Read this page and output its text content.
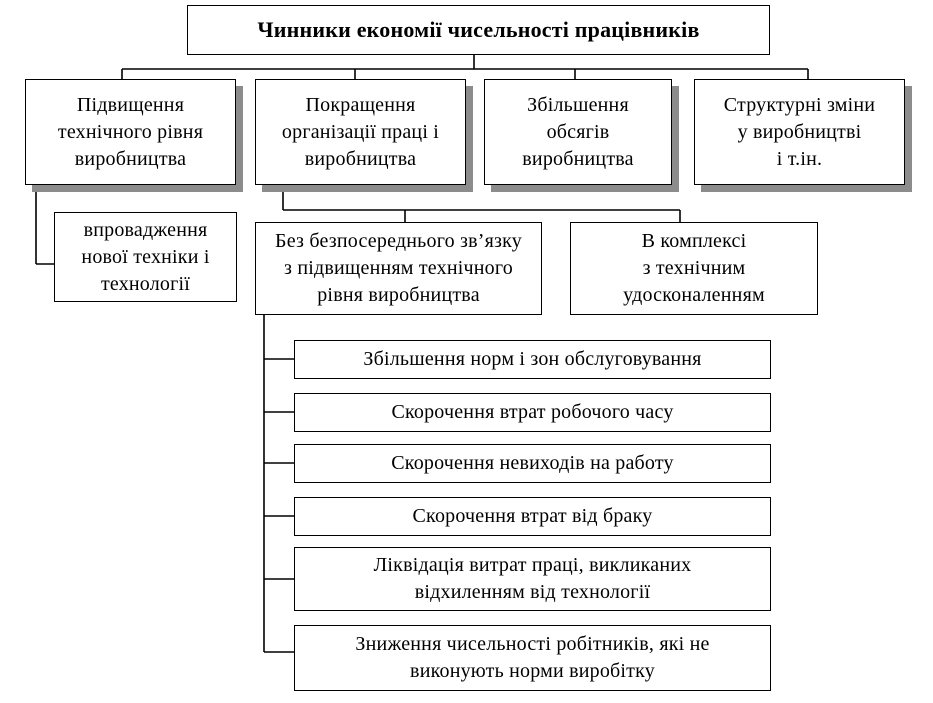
Чинники економії чисельності працівників
Підвищення
технічного рівня
виробництва
Покращення
організації праці і
виробництва
Збільшення
обсягів
виробництва
Структурні зміни
у виробництві
і т.ін.
впровадження
нової техніки і
технології
Без безпосереднього зв’язку
з підвищенням технічного
рівня виробництва
В комплексі
з технічним
удосконаленням
Збільшення норм і зон обслуговування
Скорочення втрат робочого часу
Скорочення невиходів на работу
Скорочення втрат від браку
Ліквідація витрат праці, викликаних
відхиленням від технології
Зниження чисельності робітників, які не
виконують норми виробітку
